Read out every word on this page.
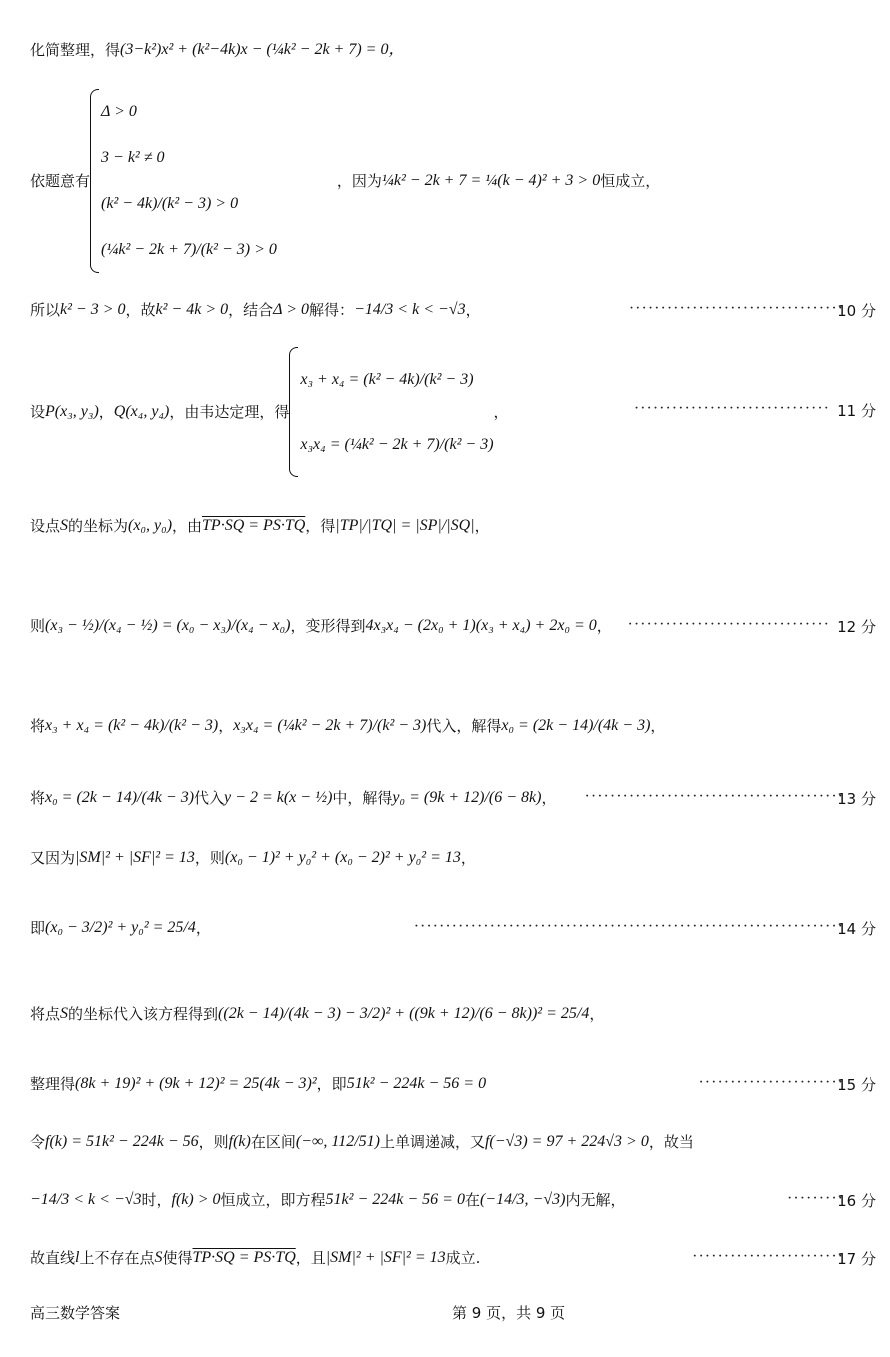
化简整理，得 (3−k²)x² + (k²−4k)x − (¼k² − 2k + 7) = 0，
依题意有
Δ > 0
3 − k² ≠ 0
(k² − 4k)/(k² − 3) > 0
(¼k² − 2k + 7)/(k² − 3) > 0
，因为 ¼k² − 2k + 7 = ¼(k − 4)² + 3 > 0 恒成立，
所以 k² − 3 > 0 ，故 k² − 4k > 0 ，结合 Δ > 0 解得： −14/3 < k < −√3 ，	··································
10 分
设 P(x₃, y₃) ， Q(x₄, y₄) ，由韦达定理，得
x₃ + x₄ = (k² − 4k)/(k² − 3)
x₃x₄ = (¼k² − 2k + 7)/(k² − 3)
，	······························· 11 分
设点 S 的坐标为 (x₀, y₀) ，由 TP·SQ = PS·TQ ，得 |TP|/|TQ| = |SP|/|SQ| ，
则 (x₃ − ½)/(x₄ − ½) = (x₀ − x₃)/(x₄ − x₀) ，变形得到 4x₃x₄ − (2x₀ + 1)(x₃ + x₄) + 2x₀ = 0 ， ································ 12 分
将 x₃ + x₄ = (k² − 4k)/(k² − 3) ， x₃x₄ = (¼k² − 2k + 7)/(k² − 3) 代入，解得 x₀ = (2k − 14)/(4k − 3) ，
将 x₀ = (2k − 14)/(4k − 3) 代入 y − 2 = k(x − ½) 中，解得 y₀ = (9k + 12)/(6 − 8k) ， ·········································
13 分
又因为 |SM|² + |SF|² = 13 ，则 (x₀ − 1)² + y₀² + (x₀ − 2)² + y₀² = 13 ，
即 (x₀ − 3/2)² + y₀² = 25/4 ，	····································································
14 分
将点 S 的坐标代入该方程得到 ((2k − 14)/(4k − 3) − 3/2)² + ((9k + 12)/(6 − 8k))² = 25/4 ，
整理得 (8k + 19)² + (9k + 12)² = 25(4k − 3)² ，即 51k² − 224k − 56 = 0	·······················
15 分
令 f(k) = 51k² − 224k − 56 ，则 f(k) 在区间 (−∞, 112/51) 上单调递减，又 f(−√3) = 97 + 224√3 > 0 ，故当
−14/3 < k < −√3 时， f(k) > 0 恒成立，即方程 51k² − 224k − 56 = 0 在 (−14/3, −√3) 内无解，	·········
16 分
故直线 l 上不存在点 S 使得 TP·SQ = PS·TQ ，且 |SM|² + |SF|² = 13 成立.	························
17 分
高三数学答案	第 9 页，共 9 页
